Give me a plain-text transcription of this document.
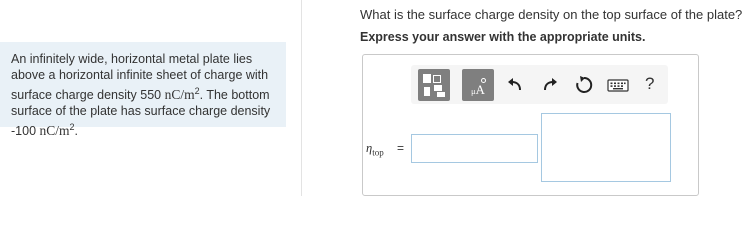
An infinitely wide, horizontal metal plate lies above a horizontal infinite sheet of charge with surface charge density 550 $nC/m^2$. The bottom surface of the plate has surface charge density -100 $nC/m^2$.
What is the surface charge density on the top surface of the plate?
Express your answer with the appropriate units.
μA	?
$\eta_{top}$ =
